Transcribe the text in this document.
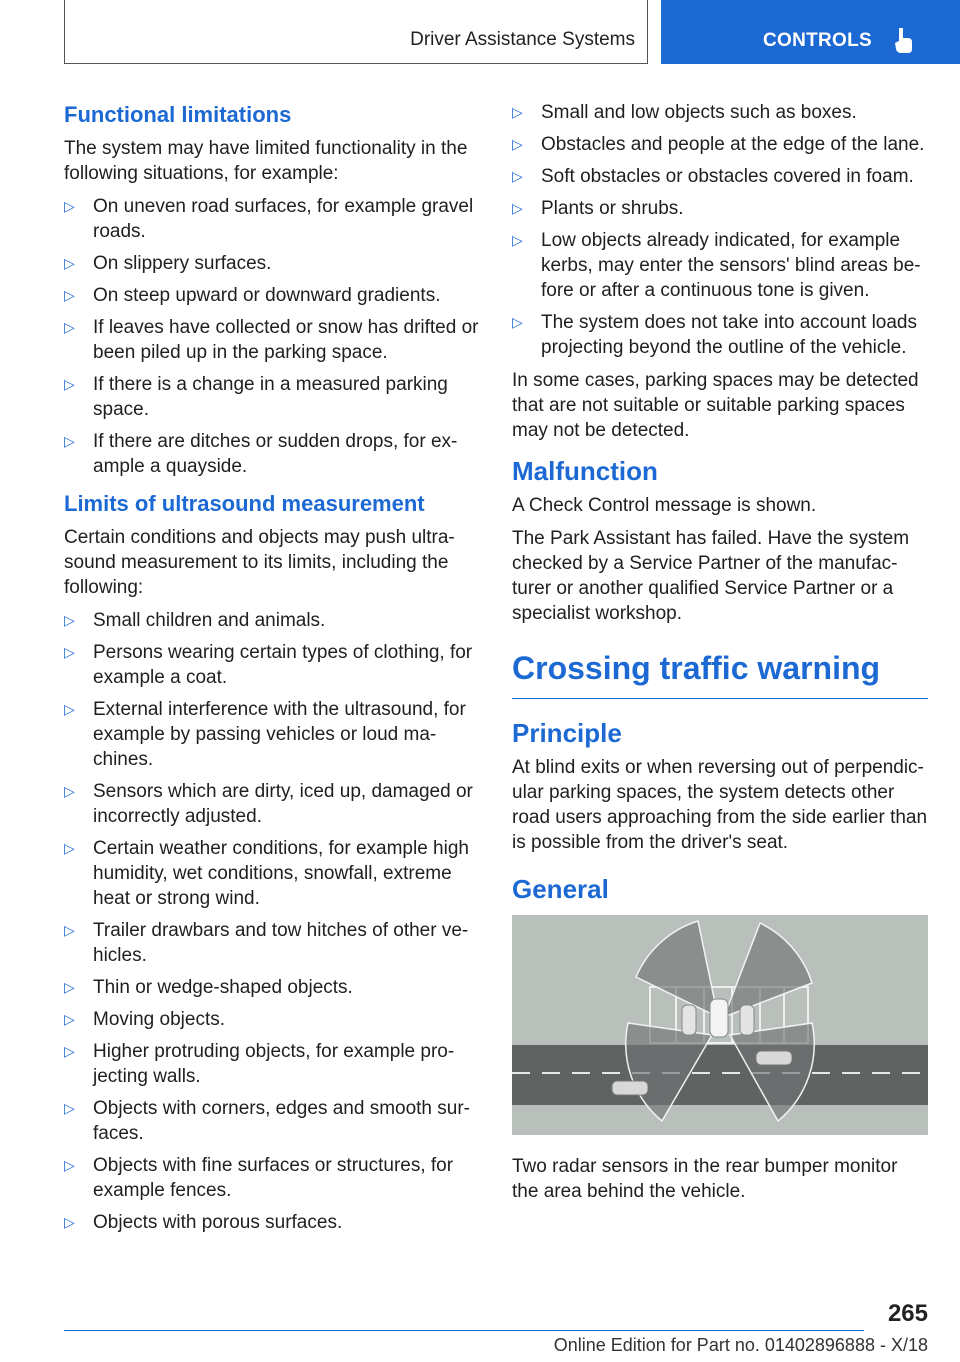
Driver Assistance Systems	CONTROLS
Functional limitations

The system may have limited functionality in the following situations, for example:

▷ On uneven road surfaces, for example gravel roads.
▷ On slippery surfaces.
▷ On steep upward or downward gradients.
▷ If leaves have collected or snow has drifted or been piled up in the parking space.
▷ If there is a change in a measured parking space.
▷ If there are ditches or sudden drops, for ex‐ample a quayside.
Limits of ultrasound measurement

Certain conditions and objects may push ultra‐sound measurement to its limits, including the following:

▷ Small children and animals.
▷ Persons wearing certain types of clothing, for example a coat.
▷ External interference with the ultrasound, for example by passing vehicles or loud ma‐chines.
▷ Sensors which are dirty, iced up, damaged or incorrectly adjusted.
▷ Certain weather conditions, for example high humidity, wet conditions, snowfall, extreme heat or strong wind.
▷ Trailer drawbars and tow hitches of other ve‐hicles.
▷ Thin or wedge-shaped objects.
▷ Moving objects.
▷ Higher protruding objects, for example pro‐jecting walls.
▷ Objects with corners, edges and smooth sur‐faces.
▷ Objects with fine surfaces or structures, for example fences.
▷ Objects with porous surfaces.
▷ Small and low objects such as boxes.
▷ Obstacles and people at the edge of the lane.
▷ Soft obstacles or obstacles covered in foam.
▷ Plants or shrubs.
▷ Low objects already indicated, for example kerbs, may enter the sensors' blind areas be‐fore or after a continuous tone is given.
▷ The system does not take into account loads projecting beyond the outline of the vehicle.

In some cases, parking spaces may be detected that are not suitable or suitable parking spaces may not be detected.

Malfunction

A Check Control message is shown.

The Park Assistant has failed. Have the system checked by a Service Partner of the manufac‐turer or another qualified Service Partner or a specialist workshop.

Crossing traffic warning
Principle

At blind exits or when reversing out of perpendic‐ular parking spaces, the system detects other road users approaching from the side earlier than is possible from the driver's seat.

General

Two radar sensors in the rear bumper monitor the area behind the vehicle.

265
Online Edition for Part no. 01402896888 - X/18
